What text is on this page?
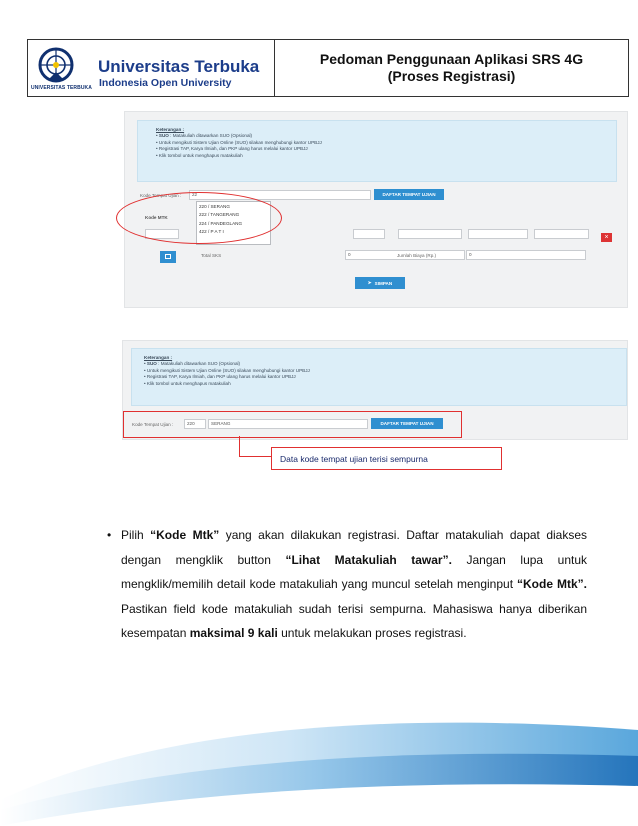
UNIVERSITAS TERBUKA
Universitas Terbuka
Indonesia Open University
Pedoman Penggunaan Aplikasi SRS 4G
(Proses Registrasi)
Keterangan :
• SUO : Matakuliah ditawarkan SUO (Opsional)
• Untuk mengikuti Sistem Ujian Online (SUO) silakan menghubungi kantor UPBJJ
• Registrasi TAP, Karya Ilmiah, dan PKP ulang harus melalui kantor UPBJJ
• Klik tombol untuk menghapus matakuliah
Kode Tempat Ujian :	22	DAFTAR TEMPAT UJIAN
220 / SERANG
222 / TANGERANG
224 / PANDEGLANG
422 / P A T I
Kode MTK
×
Total SKS	0	Jumlah Biaya (Rp.)	0
➤ SIMPAN
Keterangan :
• SUO : Matakuliah ditawarkan SUO (Opsional)
• Untuk mengikuti Sistem Ujian Online (SUO) silakan menghubungi kantor UPBJJ
• Registrasi TAP, Karya Ilmiah, dan PKP ulang harus melalui kantor UPBJJ
• Klik tombol untuk menghapus matakuliah
Kode Tempat Ujian :	220	SERANG	DAFTAR TEMPAT UJIAN
Data kode tempat ujian terisi sempurna
• Pilih “Kode Mtk” yang akan dilakukan registrasi. Daftar matakuliah dapat diakses dengan mengklik button “Lihat Matakuliah tawar”. Jangan lupa untuk mengklik/memilih detail kode matakuliah yang muncul setelah menginput “Kode Mtk”. Pastikan field kode matakuliah sudah terisi sempurna. Mahasiswa hanya diberikan kesempatan maksimal 9 kali untuk melakukan proses registrasi.
